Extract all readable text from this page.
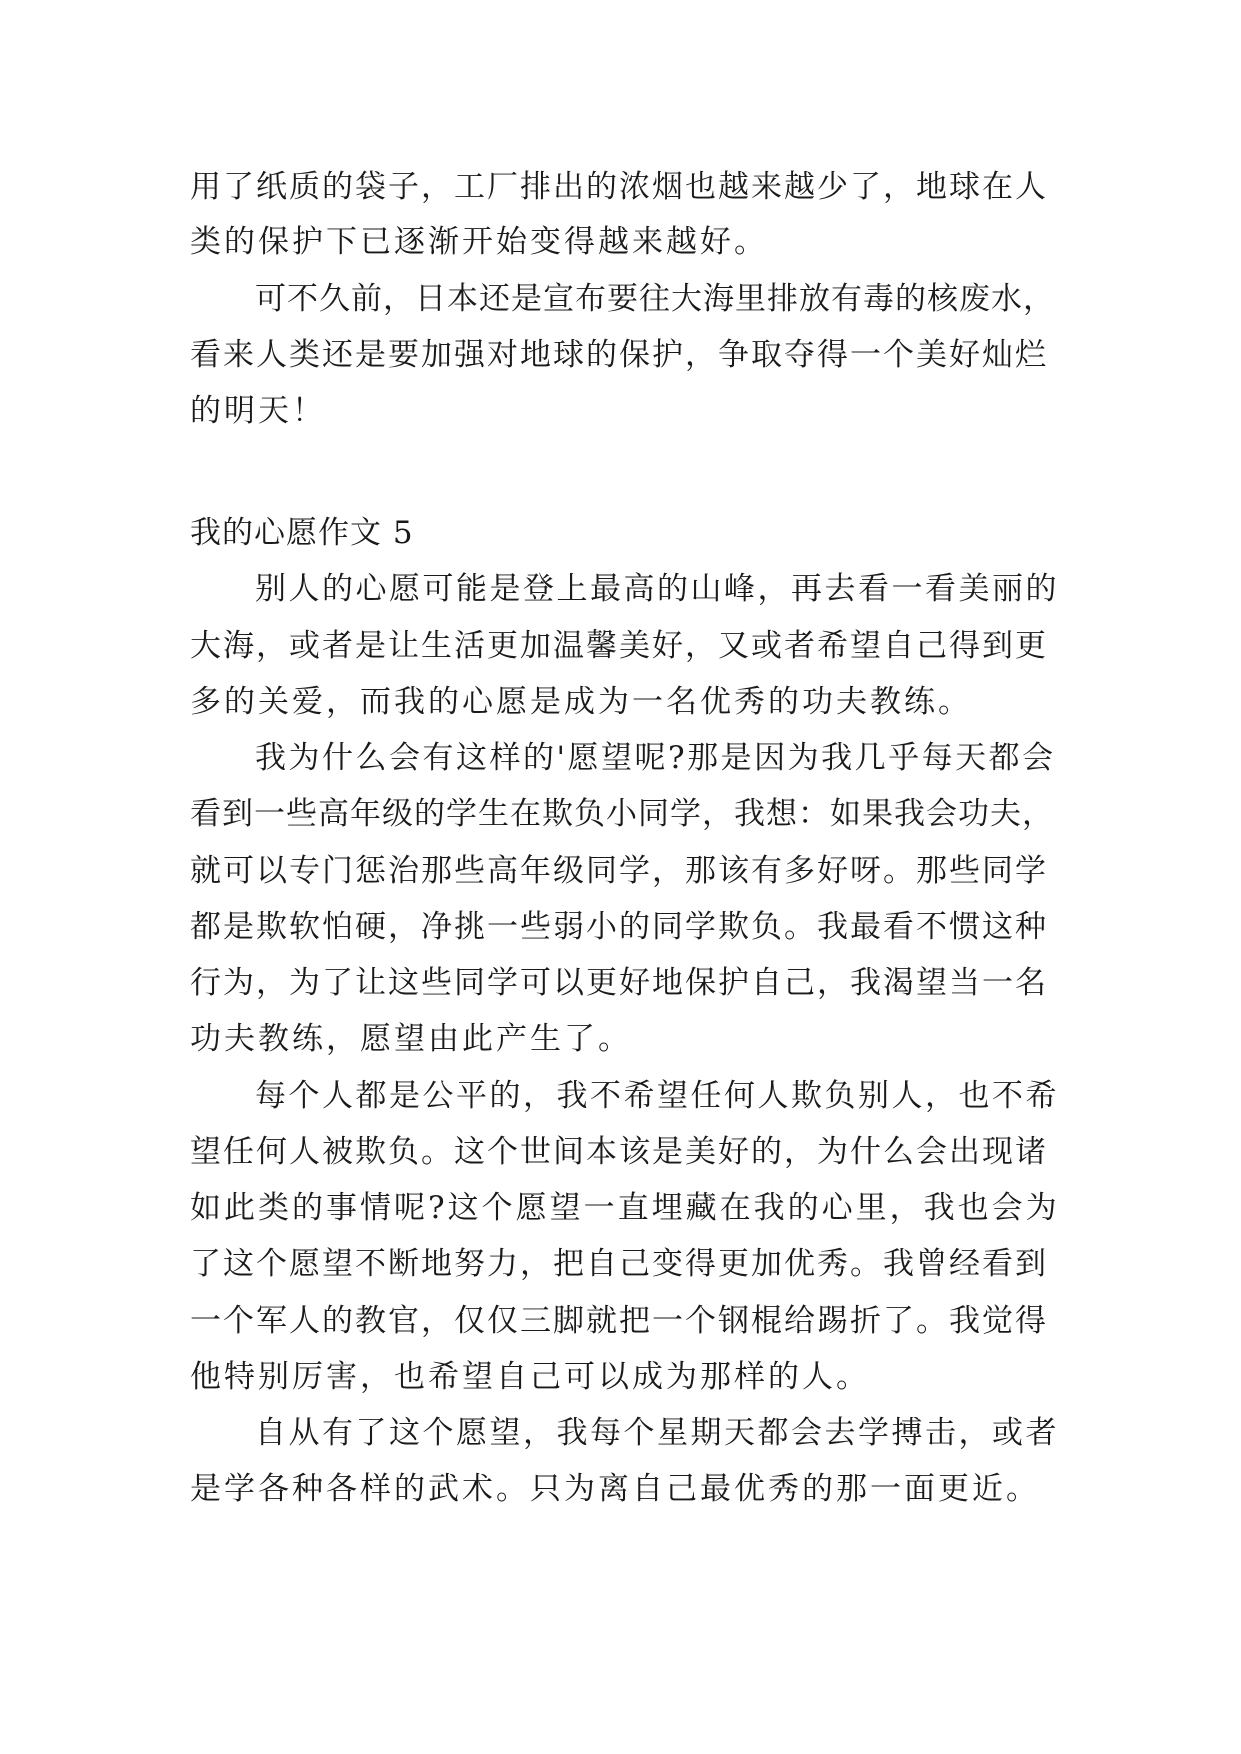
用了纸质的袋子，工厂排出的浓烟也越来越少了，地球在人

类的保护下已逐渐开始变得越来越好。

可不久前，日本还是宣布要往大海里排放有毒的核废水，

看来人类还是要加强对地球的保护，争取夺得一个美好灿烂

的明天！

我的心愿作文 5

别人的心愿可能是登上最高的山峰，再去看一看美丽的

大海，或者是让生活更加温馨美好，又或者希望自己得到更

多的关爱，而我的心愿是成为一名优秀的功夫教练。

我为什么会有这样的'愿望呢?那是因为我几乎每天都会

看到一些高年级的学生在欺负小同学，我想：如果我会功夫，

就可以专门惩治那些高年级同学，那该有多好呀。那些同学

都是欺软怕硬，净挑一些弱小的同学欺负。我最看不惯这种

行为，为了让这些同学可以更好地保护自己，我渴望当一名

功夫教练，愿望由此产生了。

每个人都是公平的，我不希望任何人欺负别人，也不希

望任何人被欺负。这个世间本该是美好的，为什么会出现诸

如此类的事情呢?这个愿望一直埋藏在我的心里，我也会为

了这个愿望不断地努力，把自己变得更加优秀。我曾经看到

一个军人的教官，仅仅三脚就把一个钢棍给踢折了。我觉得

他特别厉害，也希望自己可以成为那样的人。

自从有了这个愿望，我每个星期天都会去学搏击，或者

是学各种各样的武术。只为离自己最优秀的那一面更近。
